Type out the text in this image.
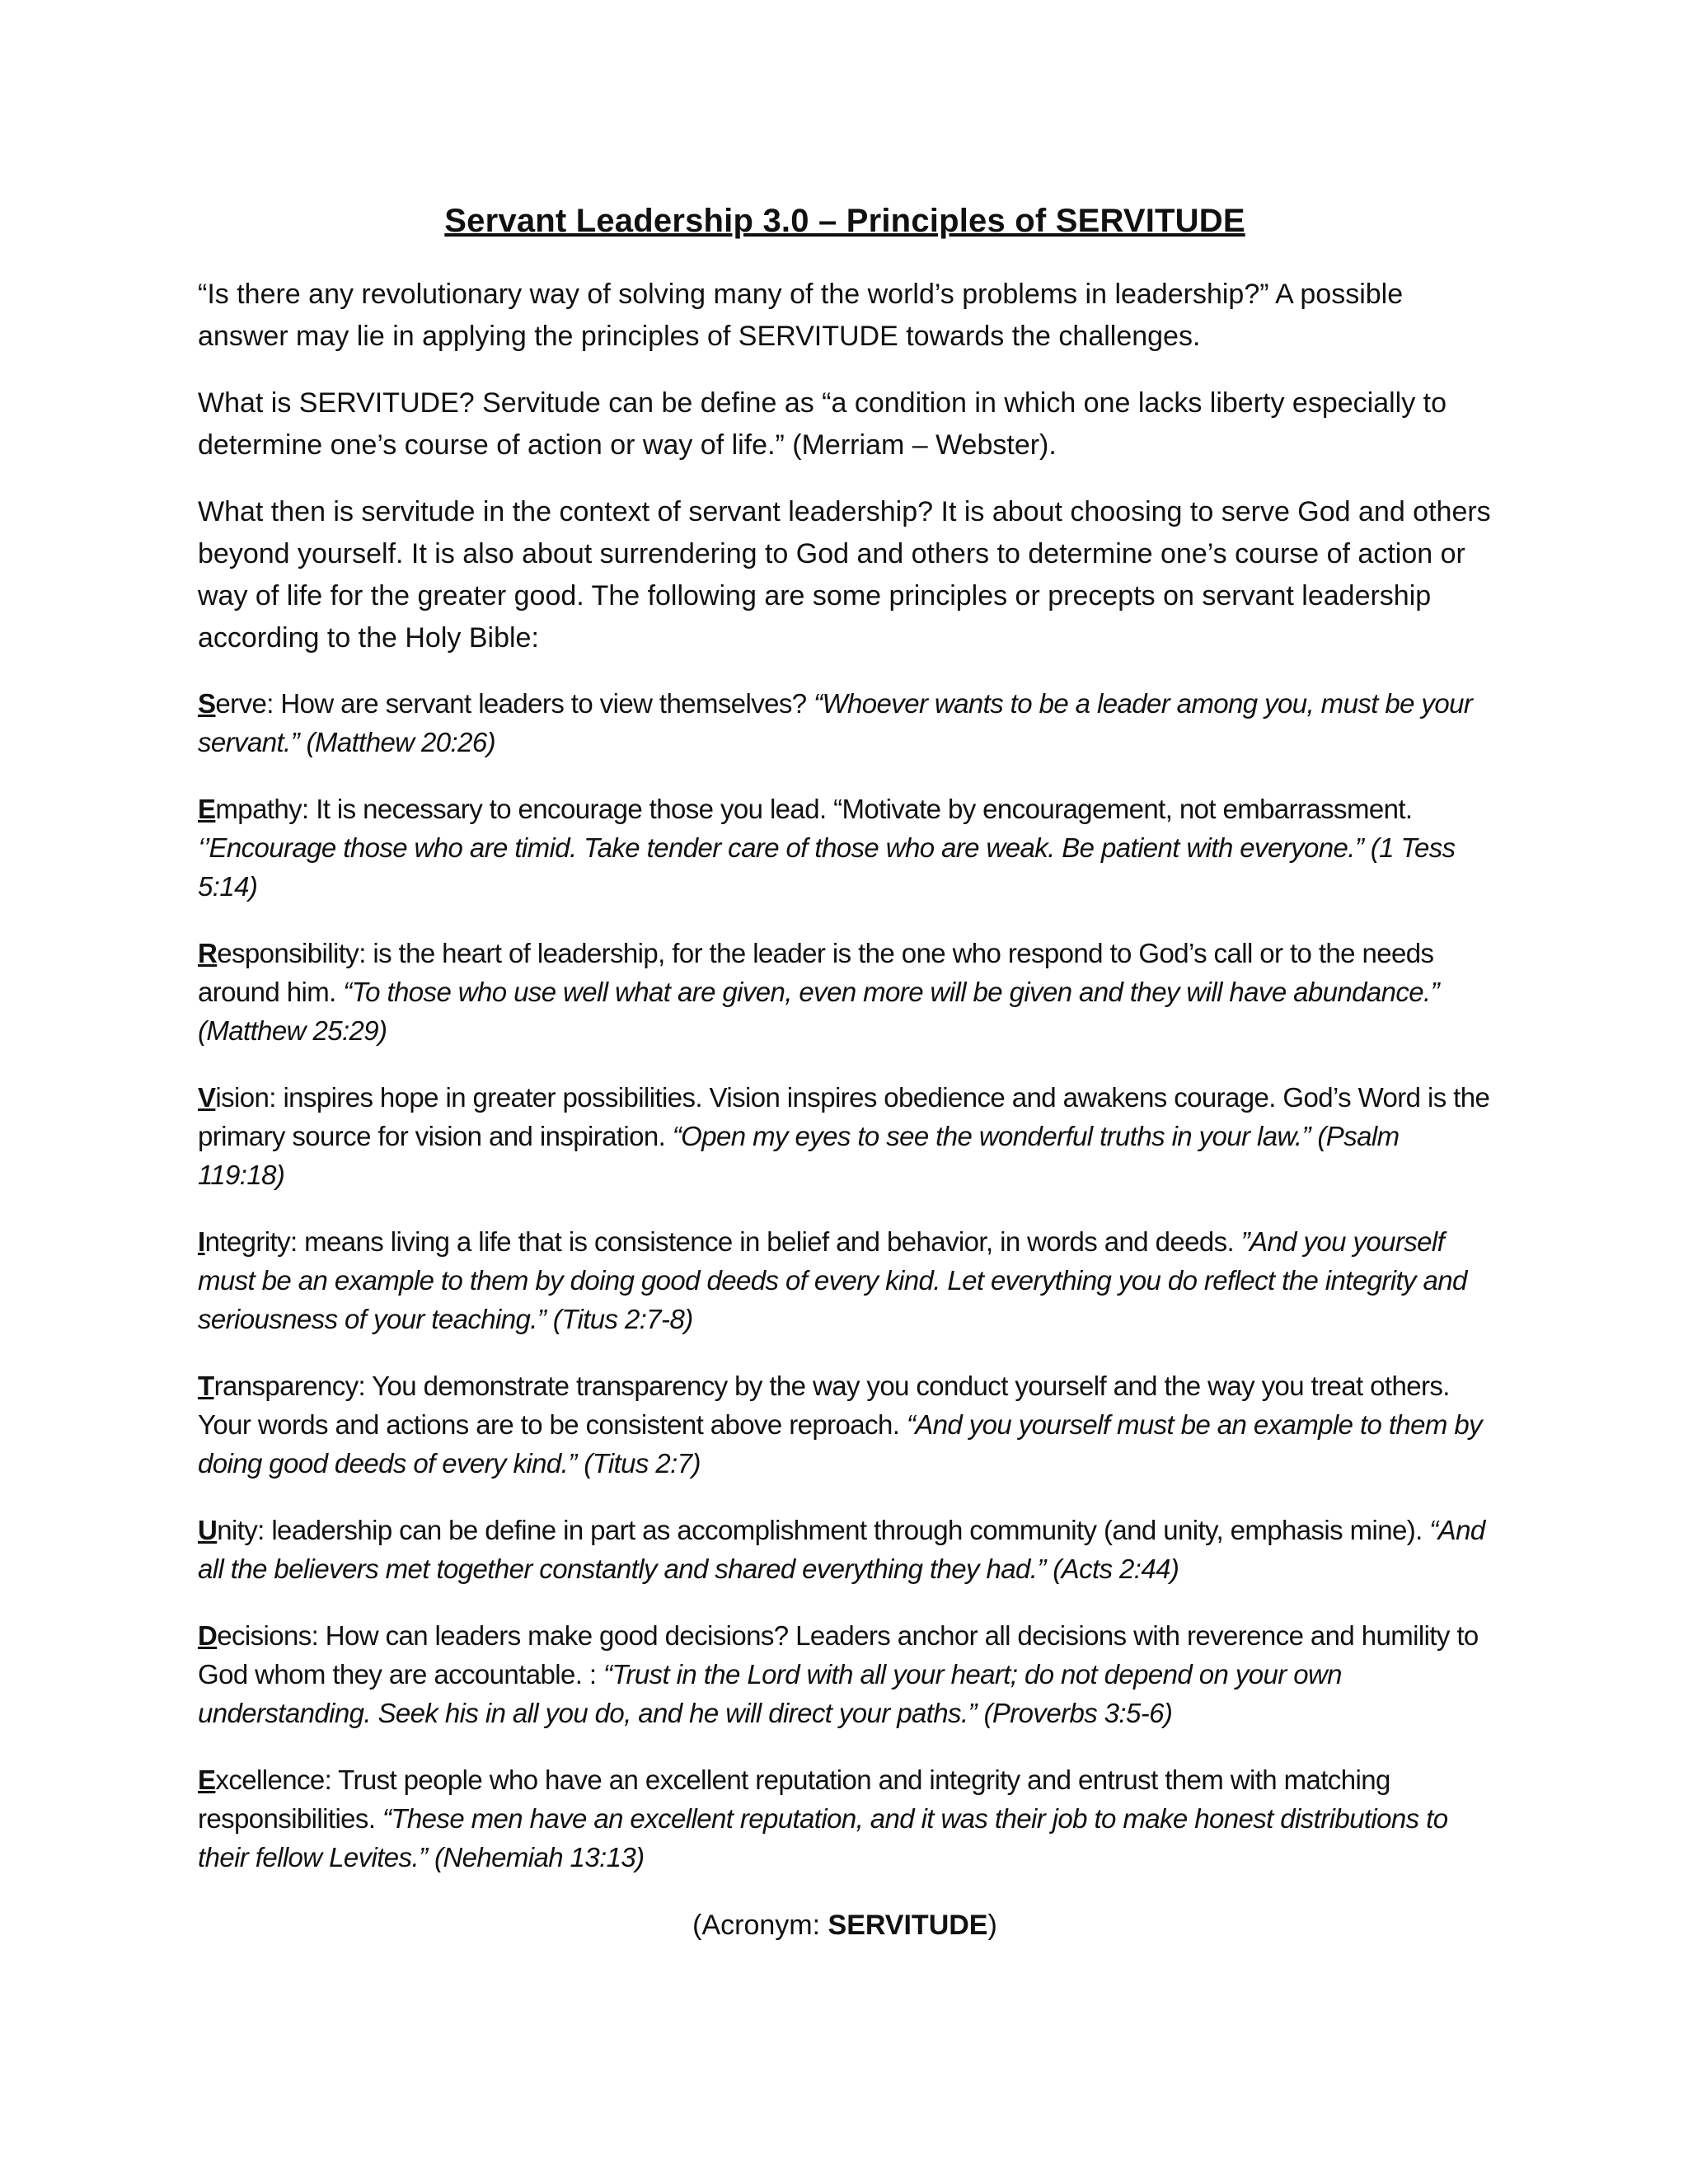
Servant Leadership 3.0 – Principles of SERVITUDE

“Is there any revolutionary way of solving many of the world’s problems in leadership?” A possible answer may lie in applying the principles of SERVITUDE towards the challenges.

What is SERVITUDE? Servitude can be define as “a condition in which one lacks liberty especially to determine one’s course of action or way of life.” (Merriam – Webster).

What then is servitude in the context of servant leadership? It is about choosing to serve God and others beyond yourself. It is also about surrendering to God and others to determine one’s course of action or way of life for the greater good. The following are some principles or precepts on servant leadership according to the Holy Bible:

Serve: How are servant leaders to view themselves? “Whoever wants to be a leader among you, must be your servant.” (Matthew 20:26)

Empathy: It is necessary to encourage those you lead. “Motivate by encouragement, not embarrassment. ‘’Encourage those who are timid. Take tender care of those who are weak. Be patient with everyone.” (1 Tess 5:14)

Responsibility: is the heart of leadership, for the leader is the one who respond to God’s call or to the needs around him. “To those who use well what are given, even more will be given and they will have abundance.” (Matthew 25:29)

Vision: inspires hope in greater possibilities. Vision inspires obedience and awakens courage. God’s Word is the primary source for vision and inspiration. “Open my eyes to see the wonderful truths in your law.” (Psalm 119:18)

Integrity: means living a life that is consistence in belief and behavior, in words and deeds. ”And you yourself must be an example to them by doing good deeds of every kind. Let everything you do reflect the integrity and seriousness of your teaching.” (Titus 2:7-8)

Transparency: You demonstrate transparency by the way you conduct yourself and the way you treat others. Your words and actions are to be consistent above reproach. “And you yourself must be an example to them by doing good deeds of every kind.” (Titus 2:7)

Unity: leadership can be define in part as accomplishment through community (and unity, emphasis mine). “And all the believers met together constantly and shared everything they had.” (Acts 2:44)

Decisions: How can leaders make good decisions? Leaders anchor all decisions with reverence and humility to God whom they are accountable. : “Trust in the Lord with all your heart; do not depend on your own understanding. Seek his in all you do, and he will direct your paths.” (Proverbs 3:5-6)

Excellence: Trust people who have an excellent reputation and integrity and entrust them with matching responsibilities. “These men have an excellent reputation, and it was their job to make honest distributions to their fellow Levites.” (Nehemiah 13:13)

(Acronym: SERVITUDE)
